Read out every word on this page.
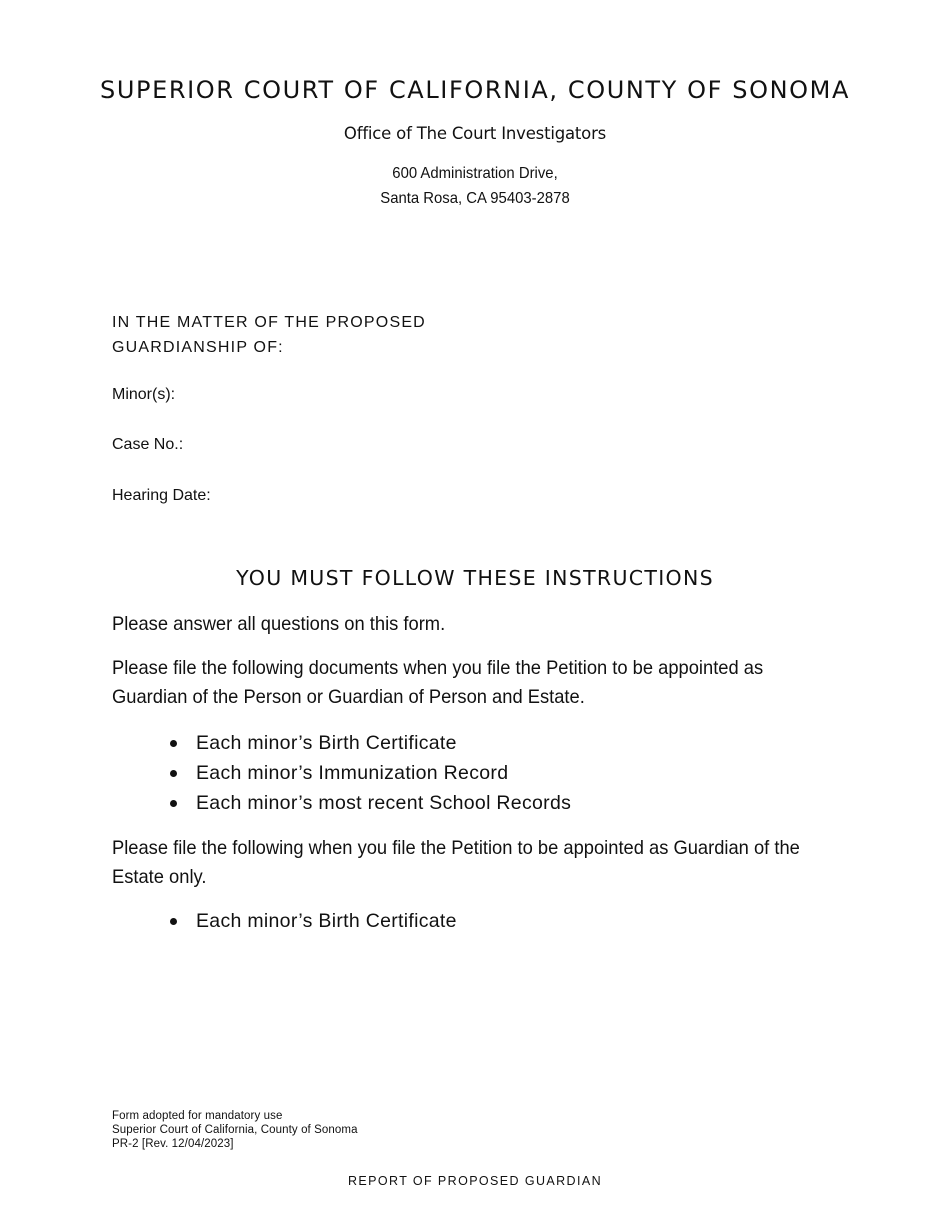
SUPERIOR COURT OF CALIFORNIA, COUNTY OF SONOMA
Office of The Court Investigators
600 Administration Drive,
Santa Rosa, CA 95403-2878
IN THE MATTER OF THE PROPOSED
GUARDIANSHIP OF:
Minor(s):
Case No.:
Hearing Date:
YOU MUST FOLLOW THESE INSTRUCTIONS
Please answer all questions on this form.
Please file the following documents when you file the Petition to be appointed as Guardian of the Person or Guardian of Person and Estate.
Each minor’s Birth Certificate
Each minor’s Immunization Record
Each minor’s most recent School Records
Please file the following when you file the Petition to be appointed as Guardian of the Estate only.
Each minor’s Birth Certificate
Form adopted for mandatory use
Superior Court of California, County of Sonoma
PR-2 [Rev. 12/04/2023]
REPORT OF PROPOSED GUARDIAN
